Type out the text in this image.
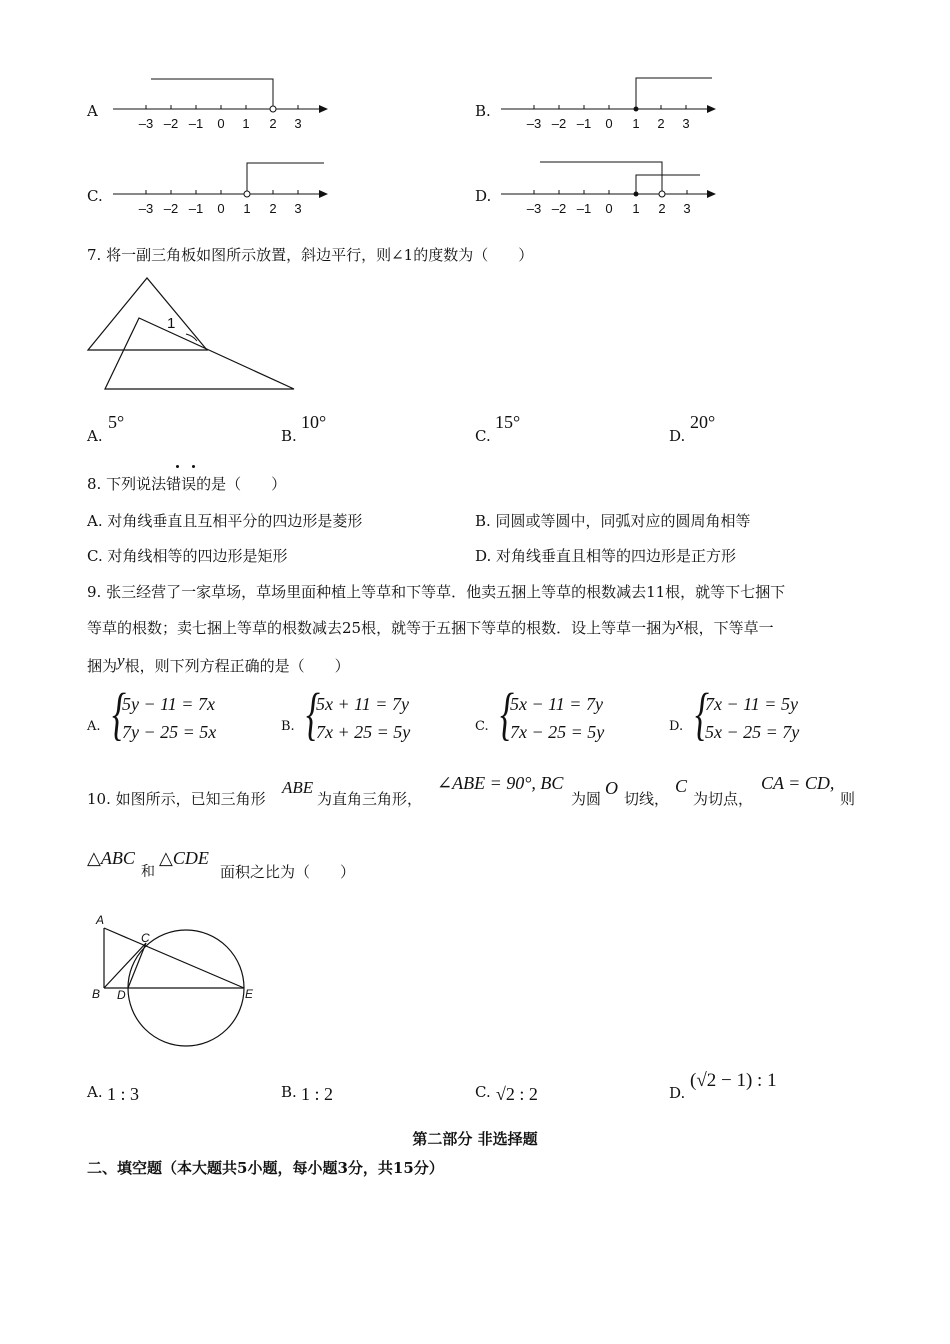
A
–3 –2 –1 0 1 2 3
B.
–3 –2 –1 0 1 2 3
C.
–3 –2 –1 0 1 2 3
D.
–3 –2 –1 0 1 2 3
7. 将一副三角板如图所示放置，斜边平行，则∠1的度数为（　　）
1
A.
5°
B.
10°
C.
15°
D.
20°
8. 下列说法错误的是（　　）
A. 对角线垂直且互相平分的四边形是菱形	B. 同圆或等圆中，同弧对应的圆周角相等
C. 对角线相等的四边形是矩形	D. 对角线垂直且相等的四边形是正方形
9. 张三经营了一家草场，草场里面种植上等草和下等草．他卖五捆上等草的根数减去11根，就等下七捆下
等草的根数；卖七捆上等草的根数减去25根，就等于五捆下等草的根数．设上等草一捆为x根，下等草一
捆为y根，则下列方程正确的是（　　）
A. {
5y − 11 = 7x
7y − 25 = 5x	B. {
5x + 11 = 7y
7x + 25 = 5y	C. {
5x − 11 = 7y
7x − 25 = 5y	D. {
7x − 11 = 5y
5x − 25 = 7y
10. 如图所示，已知三角形
ABE
为直角三角形，
∠ABE = 90°, BC
为圆
O
切线，
C
为切点，
CA = CD,
则
△ABC
和
△CDE
面积之比为（　　）
A
C
B D	E
A. 1 : 3	B. 1 : 2	C. √2 : 2	D.
(√2 − 1) : 1
第二部分 非选择题
二、填空题（本大题共5小题，每小题3分，共15分）
